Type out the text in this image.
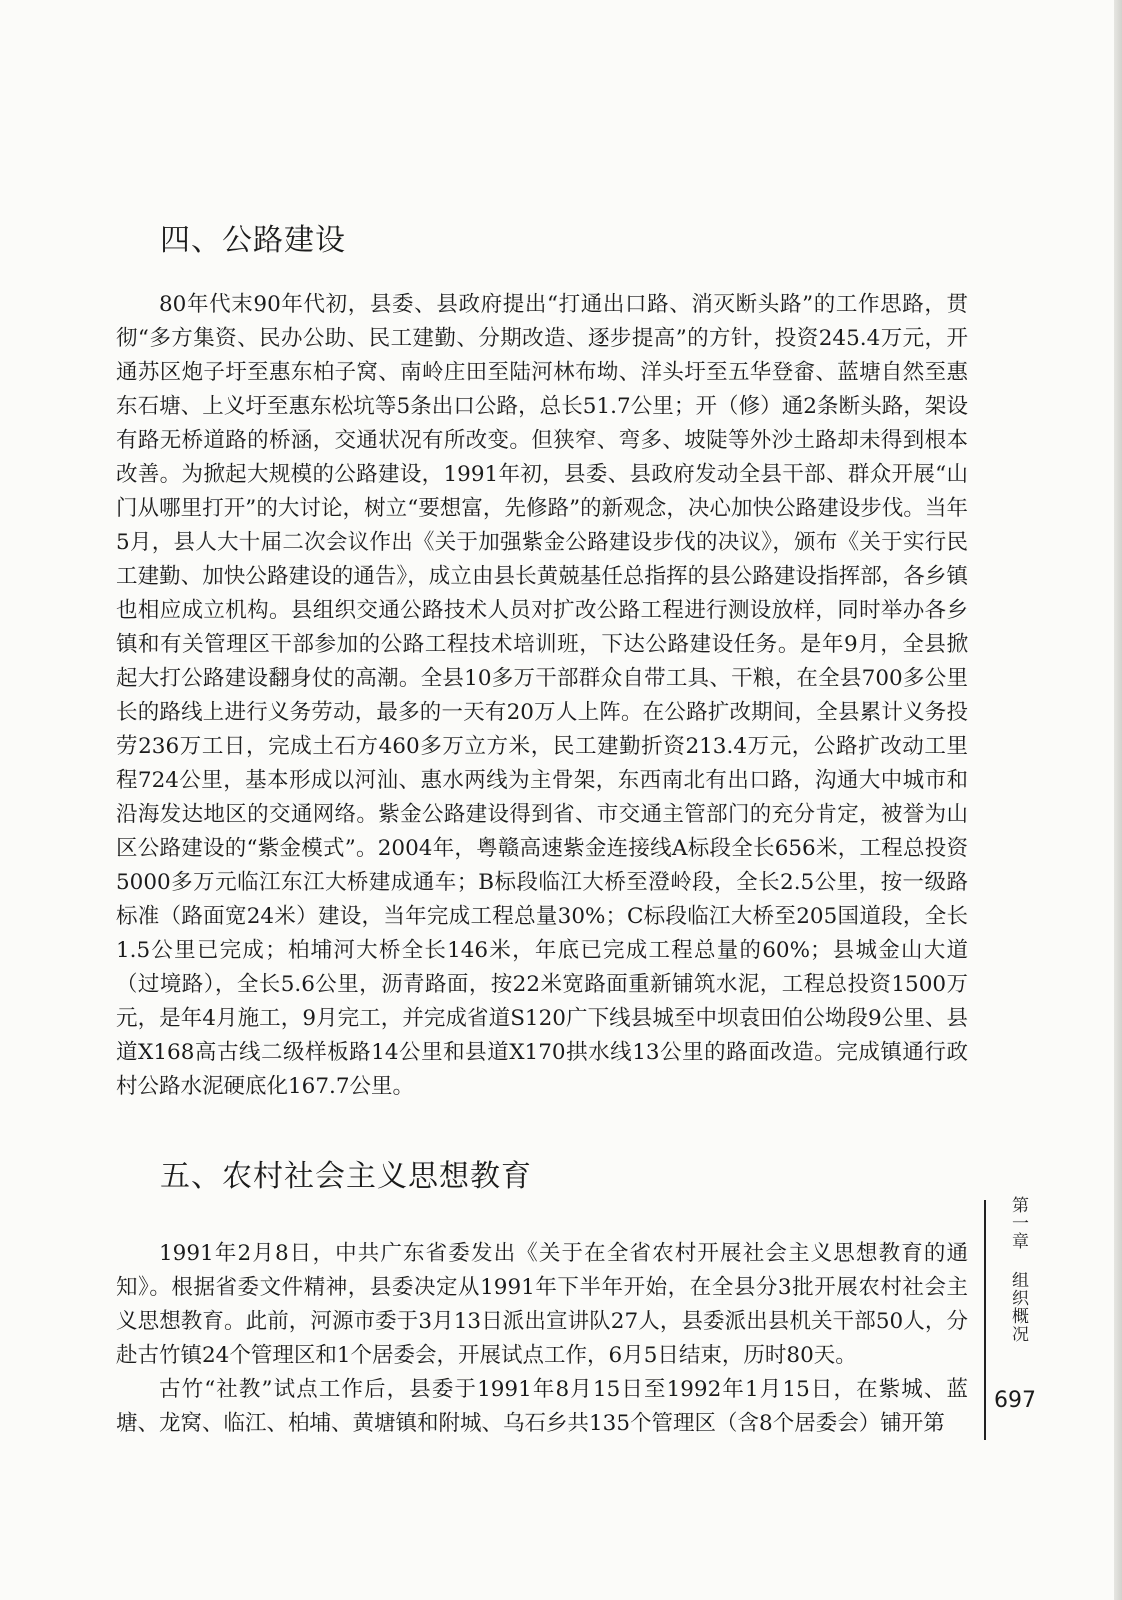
四、公路建设

80年代末90年代初，县委、县政府提出“打通出口路、消灭断头路”的工作思路，贯彻“多方集资、民办公助、民工建勤、分期改造、逐步提高”的方针，投资245.4万元，开通苏区炮子圩至惠东柏子窝、南岭庄田至陆河林布坳、洋头圩至五华登畲、蓝塘自然至惠东石塘、上义圩至惠东松坑等5条出口公路，总长51.7公里；开（修）通2条断头路，架设有路无桥道路的桥涵，交通状况有所改变。但狭窄、弯多、坡陡等外沙土路却未得到根本改善。为掀起大规模的公路建设，1991年初，县委、县政府发动全县干部、群众开展“山门从哪里打开”的大讨论，树立“要想富，先修路”的新观念，决心加快公路建设步伐。当年5月，县人大十届二次会议作出《关于加强紫金公路建设步伐的决议》，颁布《关于实行民工建勤、加快公路建设的通告》，成立由县长黄兢基任总指挥的县公路建设指挥部，各乡镇也相应成立机构。县组织交通公路技术人员对扩改公路工程进行测设放样，同时举办各乡镇和有关管理区干部参加的公路工程技术培训班，下达公路建设任务。是年9月，全县掀起大打公路建设翻身仗的高潮。全县10多万干部群众自带工具、干粮，在全县700多公里长的路线上进行义务劳动，最多的一天有20万人上阵。在公路扩改期间，全县累计义务投劳236万工日，完成土石方460多万立方米，民工建勤折资213.4万元，公路扩改动工里程724公里，基本形成以河汕、惠水两线为主骨架，东西南北有出口路，沟通大中城市和沿海发达地区的交通网络。紫金公路建设得到省、市交通主管部门的充分肯定，被誉为山区公路建设的“紫金模式”。2004年，粤赣高速紫金连接线A标段全长656米，工程总投资5000多万元临江东江大桥建成通车；B标段临江大桥至澄岭段，全长2.5公里，按一级路标准（路面宽24米）建设，当年完成工程总量30%；C标段临江大桥至205国道段，全长1.5公里已完成；柏埔河大桥全长146米，年底已完成工程总量的60%；县城金山大道（过境路），全长5.6公里，沥青路面，按22米宽路面重新铺筑水泥，工程总投资1500万元，是年4月施工，9月完工，并完成省道S120广下线县城至中坝袁田伯公坳段9公里、县道X168高古线二级样板路14公里和县道X170拱水线13公里的路面改造。完成镇通行政村公路水泥硬底化167.7公里。

五、农村社会主义思想教育

1991年2月8日，中共广东省委发出《关于在全省农村开展社会主义思想教育的通知》。根据省委文件精神，县委决定从1991年下半年开始，在全县分3批开展农村社会主义思想教育。此前，河源市委于3月13日派出宣讲队27人，县委派出县机关干部50人，分赴古竹镇24个管理区和1个居委会，开展试点工作，6月5日结束，历时80天。

古竹“社教”试点工作后，县委于1991年8月15日至1992年1月15日，在紫城、蓝塘、龙窝、临江、柏埔、黄塘镇和附城、乌石乡共135个管理区（含8个居委会）铺开第

第一章 组织概况
697
